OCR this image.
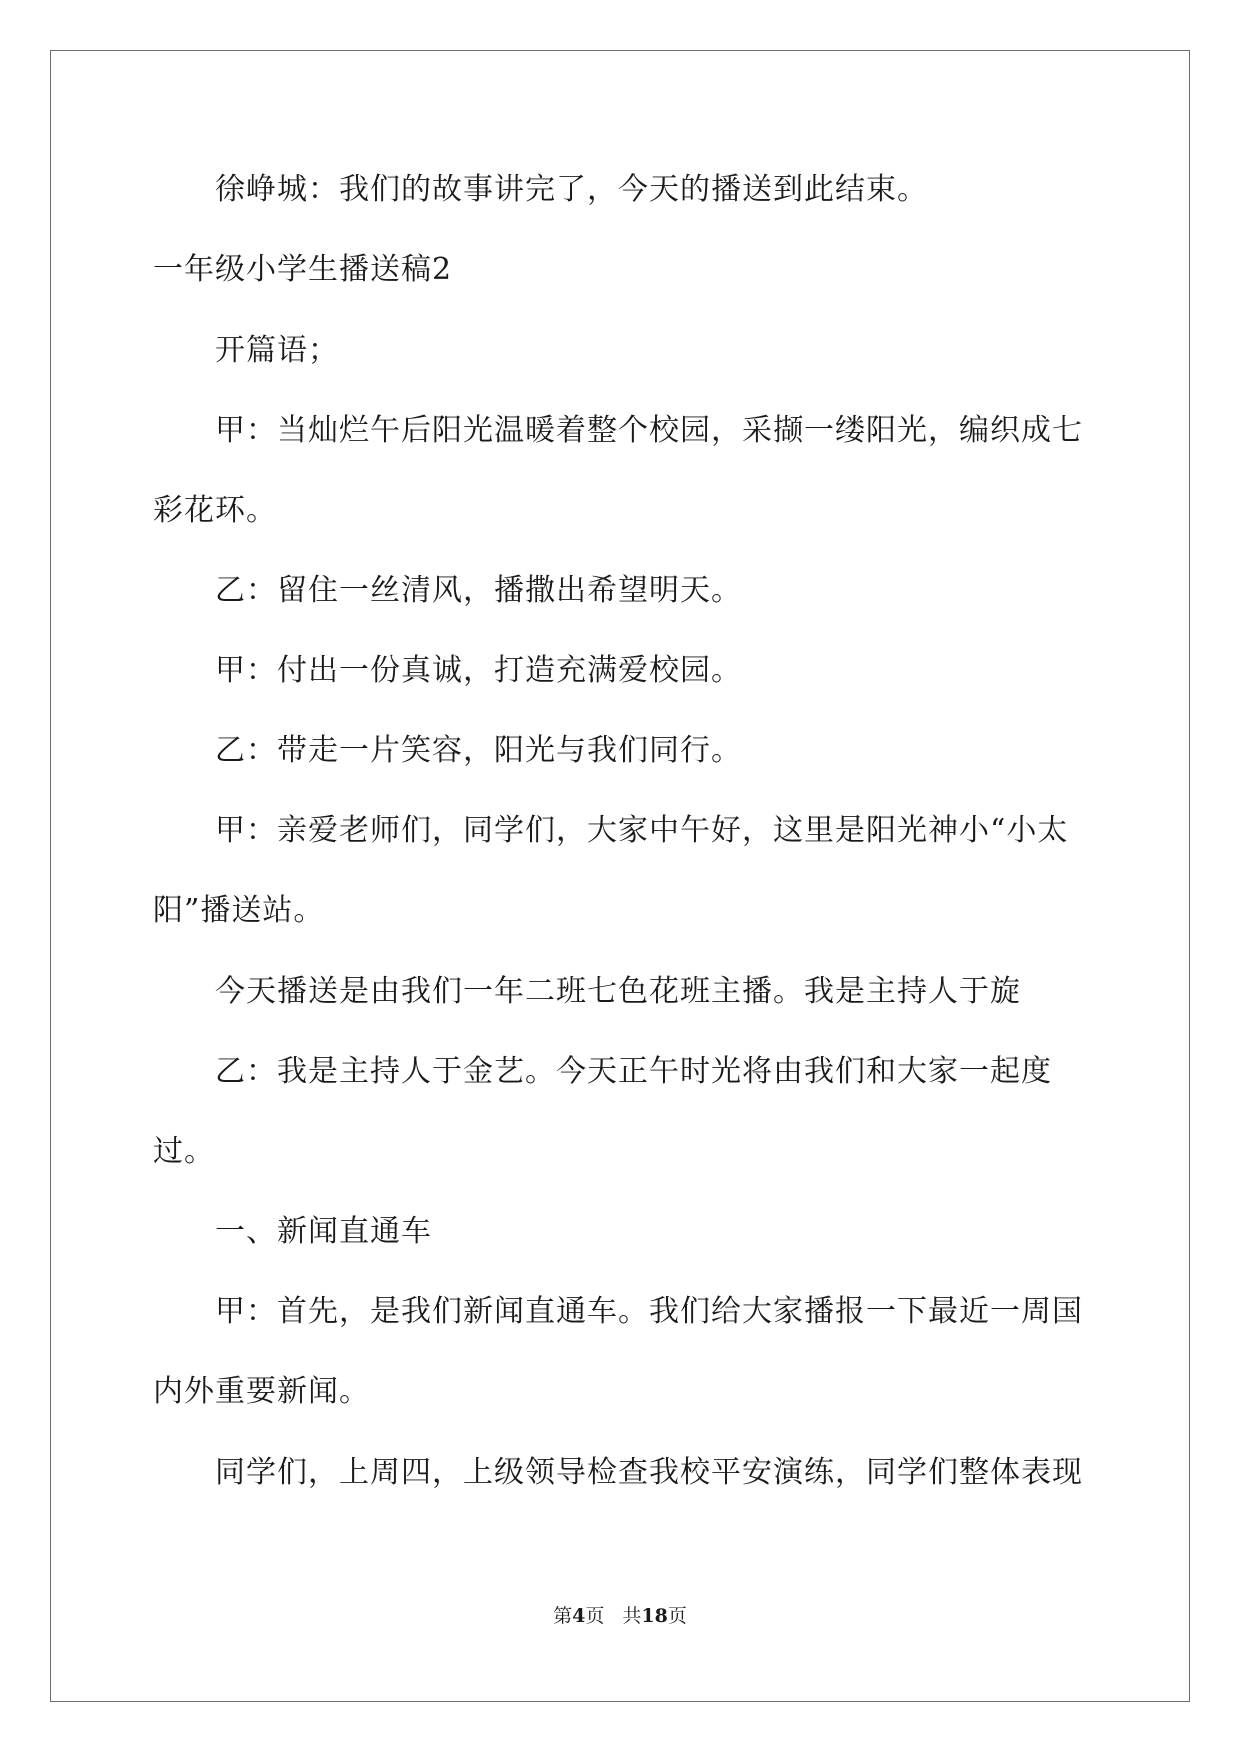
徐峥城：我们的故事讲完了，今天的播送到此结束。
一年级小学生播送稿2
开篇语；
甲：当灿烂午后阳光温暖着整个校园，采撷一缕阳光，编织成七
彩花环。
乙：留住一丝清风，播撒出希望明天。
甲：付出一份真诚，打造充满爱校园。
乙：带走一片笑容，阳光与我们同行。
甲：亲爱老师们，同学们，大家中午好，这里是阳光神小“小太
阳”播送站。
今天播送是由我们一年二班七色花班主播。我是主持人于旋
乙：我是主持人于金艺。今天正午时光将由我们和大家一起度
过。
一、新闻直通车
甲：首先，是我们新闻直通车。我们给大家播报一下最近一周国
内外重要新闻。
同学们，上周四，上级领导检查我校平安演练，同学们整体表现
第4页 共18页
